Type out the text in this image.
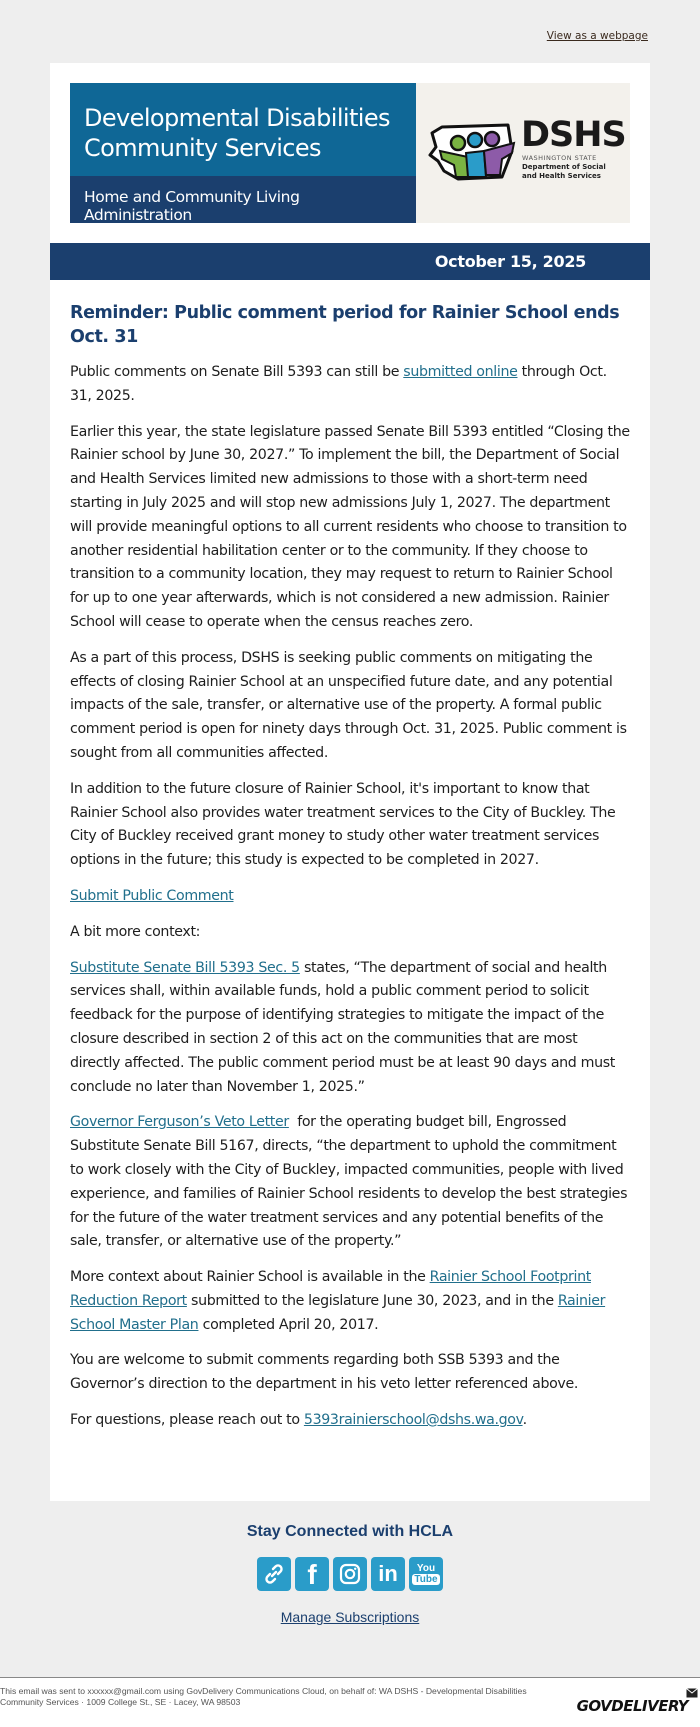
View as a webpage
Developmental Disabilities
Community Services
Home and Community Living Administration
DSHS
WASHINGTON STATE
Department of Social
and Health Services
October 15, 2025
Reminder: Public comment period for Rainier School ends Oct. 31

Public comments on Senate Bill 5393 can still be submitted online through Oct. 31, 2025.

Earlier this year, the state legislature passed Senate Bill 5393 entitled “Closing the Rainier school by June 30, 2027.” To implement the bill, the Department of Social and Health Services limited new admissions to those with a short-term need starting in July 2025 and will stop new admissions July 1, 2027. The department will provide meaningful options to all current residents who choose to transition to another residential habilitation center or to the community. If they choose to transition to a community location, they may request to return to Rainier School for up to one year afterwards, which is not considered a new admission. Rainier School will cease to operate when the census reaches zero.

As a part of this process, DSHS is seeking public comments on mitigating the effects of closing Rainier School at an unspecified future date, and any potential impacts of the sale, transfer, or alternative use of the property. A formal public comment period is open for ninety days through Oct. 31, 2025. Public comment is sought from all communities affected.

In addition to the future closure of Rainier School, it's important to know that Rainier School also provides water treatment services to the City of Buckley. The City of Buckley received grant money to study other water treatment services options in the future; this study is expected to be completed in 2027.

Submit Public Comment

A bit more context:

Substitute Senate Bill 5393 Sec. 5 states, “The department of social and health services shall, within available funds, hold a public comment period to solicit feedback for the purpose of identifying strategies to mitigate the impact of the closure described in section 2 of this act on the communities that are most directly affected. The public comment period must be at least 90 days and must conclude no later than November 1, 2025.”

Governor Ferguson’s Veto Letter  for the operating budget bill, Engrossed Substitute Senate Bill 5167, directs, “the department to uphold the commitment to work closely with the City of Buckley, impacted communities, people with lived experience, and families of Rainier School residents to develop the best strategies for the future of the water treatment services and any potential benefits of the sale, transfer, or alternative use of the property.”

More context about Rainier School is available in the Rainier School Footprint Reduction Report submitted to the legislature June 30, 2023, and in the Rainier School Master Plan completed April 20, 2017.

You are welcome to submit comments regarding both SSB 5393 and the Governor’s direction to the department in his veto letter referenced above.

For questions, please reach out to 5393rainierschool@dshs.wa.gov.

Stay Connected with HCLA
f	in	You
Tube
Manage Subscriptions
This email was sent to xxxxxx@gmail.com using GovDelivery Communications Cloud, on behalf of: WA DSHS - Developmental Disabilities Community Services · 1009 College St., SE · Lacey, WA 98503	GOVDELIVERY
